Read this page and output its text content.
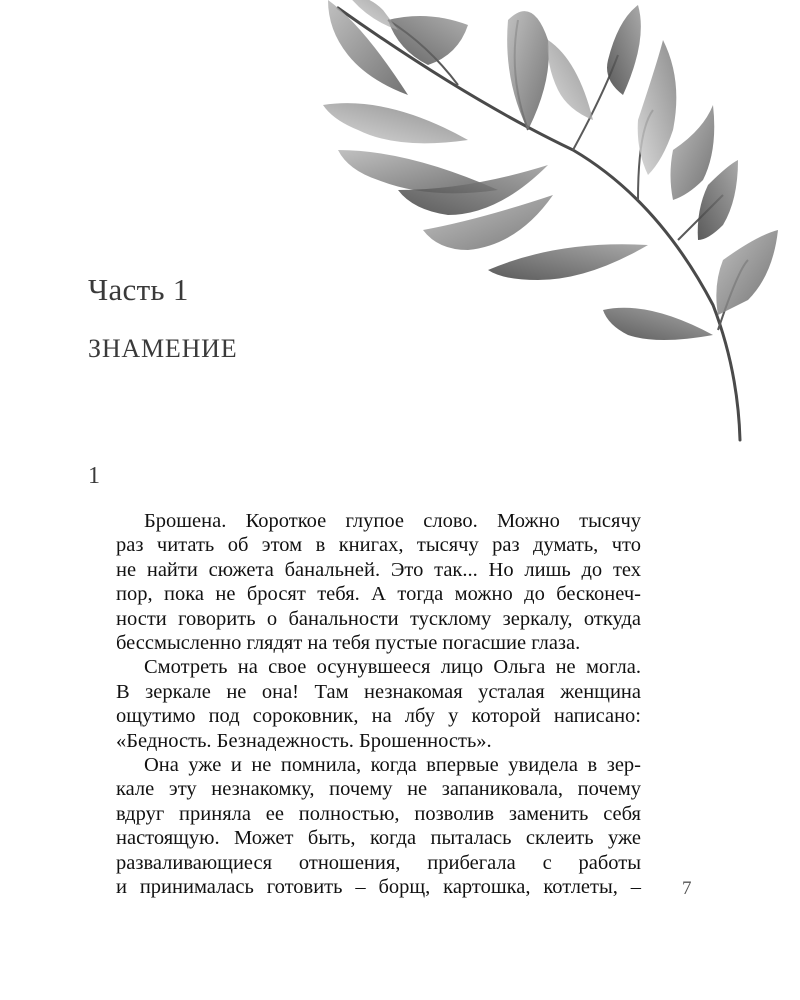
Часть 1
ЗНАМЕНИЕ
1
Брошена. Короткое глупое слово. Можно тысячу
раз читать об этом в книгах, тысячу раз думать, что
не найти сюжета банальней. Это так... Но лишь до тех
пор, пока не бросят тебя. А тогда можно до бесконеч-
ности говорить о банальности тусклому зеркалу, откуда
бессмысленно глядят на тебя пустые погасшие глаза.
Смотреть на свое осунувшееся лицо Ольга не могла.
В зеркале не она! Там незнакомая усталая женщина
ощутимо под сороковник, на лбу у которой написано:
«Бедность. Безнадежность. Брошенность».
Она уже и не помнила, когда впервые увидела в зер-
кале эту незнакомку, почему не запаниковала, почему
вдруг приняла ее полностью, позволив заменить себя
настоящую. Может быть, когда пыталась склеить уже
разваливающиеся отношения, прибегала с работы
и принималась готовить – борщ, картошка, котлеты, – 7
